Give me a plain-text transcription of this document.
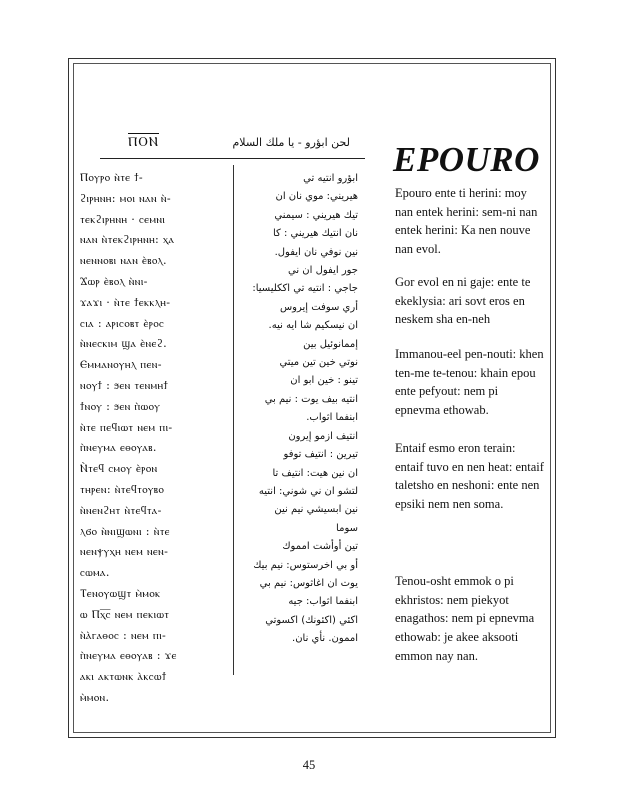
ⲠⲞⲚ	لحن ابؤرو - يا ملك السلام
Ⲡⲟⲩⲣⲟ ⲛ̀ⲧⲉ ϯ-
ϩⲓⲣⲏⲛⲏ: ⲙⲟⲓ ⲛⲁⲛ ⲛ̀-
ⲧⲉⲕϩⲓⲣⲏⲛⲏ · ⲥⲉⲙⲛⲓ
ⲛⲁⲛ ⲛ̀ⲧⲉⲕϩⲓⲣⲏⲛⲏ: ⲭⲁ
ⲛⲉⲛⲛⲟⲃⲓ ⲛⲁⲛ ⲉ̀ⲃⲟⲗ.
Ϫⲱⲣ ⲉ̀ⲃⲟⲗ ⲛ̀ⲛⲓ-
ϫⲁϫⲓ · ⲛ̀ⲧⲉ ϯⲉⲕⲕⲗⲏ-
ⲥⲓⲁ : ⲁⲣⲓⲥⲟⲃⲧ ⲉ̀ⲣⲟⲥ
ⲛ̀ⲛⲉⲥⲕⲓⲙ ϣⲁ ⲉ̀ⲛⲉϩ.
Ⲉⲙⲙⲁⲛⲟⲩⲏⲗ ⲡⲉⲛ-
ⲛⲟⲩϯ : ϧⲉⲛ ⲧⲉⲛⲙⲏϯ
ϯⲛⲟⲩ : ϧⲉⲛ ⲡ̀ⲱⲟⲩ
ⲛ̀ⲧⲉ ⲡⲉϥⲓⲱⲧ ⲛⲉⲙ ⲡⲓ-
ⲡ̀ⲛⲉⲩⲙⲁ ⲉⲑⲟⲩⲁⲃ.
Ⲛ̀ⲧⲉϥ ⲥⲙⲟⲩ ⲉ̀ⲣⲟⲛ
ⲧⲏⲣⲉⲛ: ⲛ̀ⲧⲉϥⲧⲟⲩⲃⲟ
ⲛ̀ⲛⲉⲛϩⲏⲧ ⲛ̀ⲧⲉϥⲧⲁ-
ⲗϭⲟ ⲛ̀ⲛⲓϣⲱⲛⲓ : ⲛ̀ⲧⲉ
ⲛⲉⲛⲯⲩⲭⲏ ⲛⲉⲙ ⲛⲉⲛ-
ⲥⲱⲙⲁ.
Ⲧⲉⲛⲟⲩⲱϣⲧ ⲙ̀ⲙⲟⲕ
ⲱ Ⲡⲭ̅ⲥ̅ ⲛⲉⲙ ⲡⲉⲕⲓⲱⲧ
ⲛ̀ⲁ̀ⲅⲁⲑⲟⲥ : ⲛⲉⲙ ⲡⲓ-
ⲡ̀ⲛⲉⲩⲙⲁ ⲉⲑⲟⲩⲁⲃ : ϫⲉ
ⲁⲕⲓ ⲁⲕⲧⲱⲛⲕ ⲁ̀ⲕⲥⲱϯ
ⲙ̀ⲙⲟⲛ.
ابؤرو انتيه تي
هيريني: موي نان ان
تيك هيريني : سيمني
نان انتيك هيريني : كا
نين نوفي نان ايفول.
جور ايفول ان ني
جاجي : انتيه تي اككليسيا:
أري سوفت إيروس
ان نيسكيم شا ايه نيه.
إممانوئيل بين
نوتي خين تين ميتي
تينو : خين ابو ان
انتيه بيف يوت : نيم بي
ابنفما اثواب.
انتيف ازمو إيرون
تيرين : انتيف توفو
ان نين هيت: انتيف تا
لتشو ان ني شوني: انتيه
نين ابسيشي نيم نين
سوما
تين أوأشت امموك
أو بي اخرستوس: نيم بيك
يوت ان اغاثوس: نيم بي
ابنفما اثواب: جيه
اكئي (اكئونك) اكسوتي
اممون. نأي نان.
EPOURO
Epouro ente ti herini: moy nan entek herini: sem-ni nan entek herini: Ka nen nouve nan evol.
Gor evol en ni gaje: ente te ekeklysia: ari sovt eros en neskem sha en-neh
Immanou-eel pen-nouti: khen ten-me te-tenou: khain epou ente pefyout: nem pi epnevma ethowab.
Entaif esmo eron terain: entaif tuvo en nen heat: entaif taletsho en neshoni: ente nen epsiki nem nen soma.
Tenou-osht emmok o pi ekhristos: nem piekyot enagathos: nem pi epnevma ethowab: je akee aksooti emmon nay nan.
45
